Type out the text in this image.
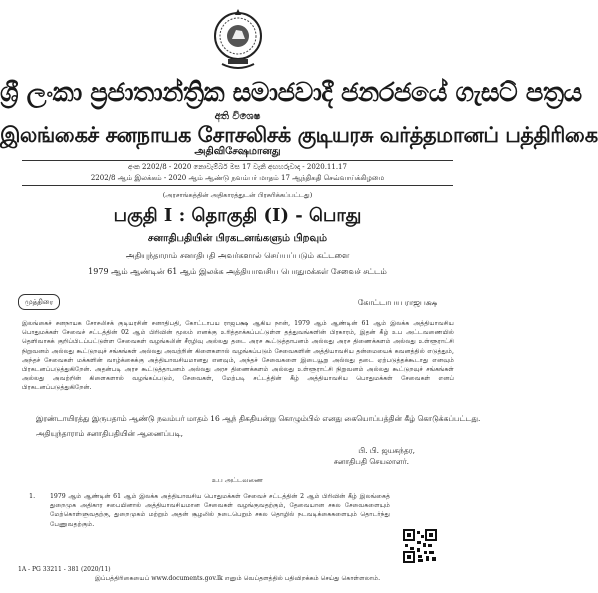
ශ්‍රී ලංකා ප්‍රජාතාන්ත්‍රික සමාජවාදී ජනරජයේ ගැසට් පත්‍රය
අති විශෙෂ
இலங்கைச் சனநாயக சோசலிசக் குடியரசு வர்த்தமானப் பத்திரிகை
அதிவிசேஷமானது
අංක 2202/8 - 2020 නොවැම්බර් මස 17 වැනි අඟහරුවාදා - 2020.11.17
2202/8 ஆம் இலக்கம் - 2020 ஆம் ஆண்டு நவம்பர் மாதம் 17 ஆந்திகதி செவ்வாய்க்கிழமை
(அரசாங்கத்தின் அதிகாரத்துடன் பிரசுரிக்கப்பட்டது)
பகுதி I : தொகுதி (I) - பொது
சனாதிபதியின் பிரகடனங்களும் பிறவும்
அதியுந்தாராம் சனாதிபதி அவர்களால் செய்யப்படும் கட்டளை
1979 ஆம் ஆண்டின் 61 ஆம் இலக்க அத்தியாவசிய பொதுமக்கள் சேவைச் சட்டம்
முத்திரை	கோட்டாபய ராஜபக்ஷ
இலங்கைச் சனநாயக சோசலிசக் குடியரசின் சனாதிபதி, கோட்டாபய ராஜபக்ஷ ஆகிய நான், 1979 ஆம் ஆண்டின் 61 ஆம் இலக்க அத்தியாவசிய பொதுமக்கள் சேவைச் சட்டத்தின் 02 ஆம் பிரிவின் மூலம் எனக்கு உரித்தாக்கப்பட்டுள்ள தத்துவங்களின் பிரகாரம், இதன் கீழ் உப அட்டவணையில் தெளிவாகக் குறிப்பிடப்பட்டுள்ள சேவைகள் வழங்கலின் சீரழிவு அல்லது தடை அரச கூட்டுத்தாபனம் அல்லது அரச திணைக்களம் அல்லது உள்ளூராட்சி நிறுவனம் அல்லது கூட்டுறவுச் சங்கங்கள் அல்லது அவற்றின் கிளைகளால் வழங்கப்படும் சேவைகளின் அத்தியாவசிய தன்மையைக் கவனத்தில் எடுத்தும், அந்தச் சேவைகள் மக்களின் வாழ்க்கைக்கு அத்தியாவசியமானது எனவும், அந்தச் சேவைகளை இடையூறு அல்லது தடை ஏற்படுத்தக்கூடாது எனவும் பிரகடனப்படுத்துகிறேன். அதன்படி அரச கூட்டுத்தாபனம் அல்லது அரச திணைக்களம் அல்லது உள்ளூராட்சி நிறுவனம் அல்லது கூட்டுறவுச் சங்கங்கள் அல்லது அவற்றின் கிளைகளால் வழங்கப்படும், சேவைகள், மேற்படி சட்டத்தின் கீழ் அத்தியாவசிய பொதுமக்கள் சேவைகள் எனப் பிரகடனப்படுத்துகிறேன்.
இரண்டாயிரத்து இருபதாம் ஆண்டு நவம்பர் மாதம் 16 ஆந் திகதியன்று கொழும்பில் எனது கையொப்பத்தின் கீழ் கொடுக்கப்பட்டது.
அதியுந்தாராம் சனாதிபதியின் ஆணைப்படி,
பி. பி. ஜயசுந்தர,
சனாதிபதி செயலாளர்.
உப அட்டவணை
1. 1979 ஆம் ஆண்டின் 61 ஆம் இலக்க அத்தியாவசிய பொதுமக்கள் சேவைச் சட்டத்தின் 2 ஆம் பிரிவின் கீழ் இலங்கைத் துறைமுக அதிகார சபையினால் அத்தியாவசியமான சேவைகள் வழங்குவதற்கும், தேவையான சகல சேவைகளையும் மேற்கொள்ளுவதற்கு, துறைமுகம் மற்றும் அதன் சூழலில் நடைபெறும் சகல தொழில் நடவடிக்கைகளையும் தொடர்ந்து பேணுவதற்கும்.
1A - PG 33211 - 381 (2020/11)
இப்பத்திரிகையைப் www.documents.gov.lk எனும் வெப்தளத்தில் பதிவிறக்கம் செய்து கொள்ளலாம்.
